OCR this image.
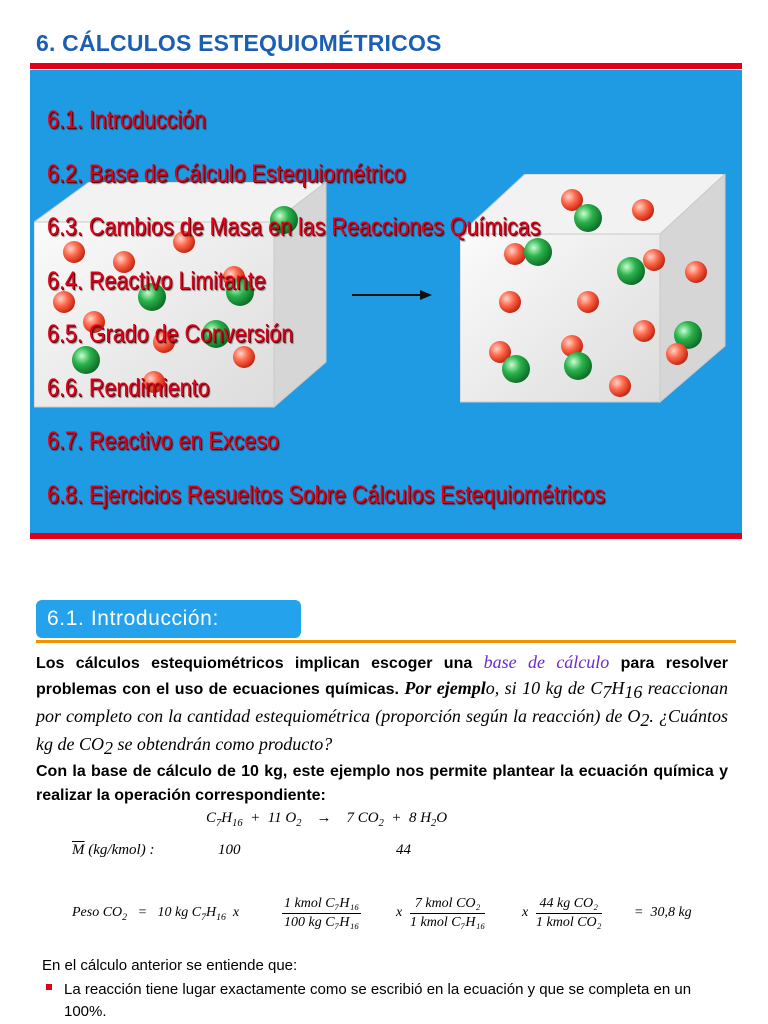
6. CÁLCULOS ESTEQUIOMÉTRICOS
6.1. Introducción
6.2. Base de Cálculo Estequiométrico
6.3. Cambios de Masa en las Reacciones Químicas
6.4. Reactivo Limitante
6.5. Grado de Conversión
6.6. Rendimiento
6.7. Reactivo en Exceso
6.8. Ejercicios Resueltos Sobre Cálculos Estequiométricos
6.1. Introducción:
Los cálculos estequiométricos implican escoger una base de cálculo para resolver problemas con el uso de ecuaciones químicas. Por ejemplo, si 10 kg de $C_7H_{16}$ reaccionan por completo con la cantidad estequiométrica (proporción según la reacción) de $O_2$. ¿Cuántos kg de $CO_2$ se obtendrán como producto?
Con la base de cálculo de 10 kg, este ejemplo nos permite plantear la ecuación química y realizar la operación correspondiente:
$C_7H_{16} + 11$ $O_2 \to 7$ $CO_2 + 8$ $H_2O$
$\overline{M}$ (kg/kmol) :	100	44
Peso $CO_2 = 10$ kg $C_7H_{16}$ x
1 kmol C₇H₁₆
100 kg C₇H₁₆
x
7 kmol CO₂
1 kmol C₇H₁₆
x
44 kg CO₂
1 kmol CO₂
= 30,8 kg
En el cálculo anterior se entiende que:
La reacción tiene lugar exactamente como se escribió en la ecuación y que se completa en un 100%.
